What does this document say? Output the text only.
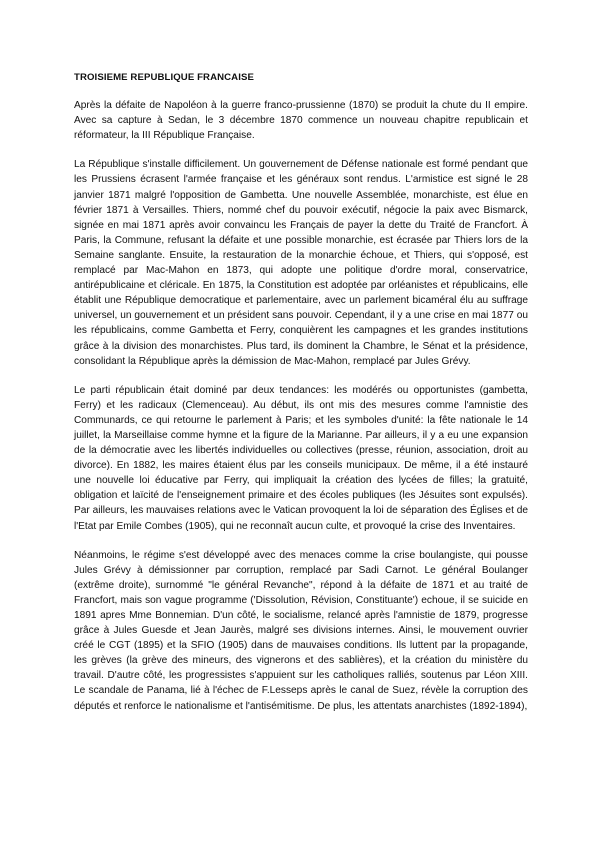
TROISIEME REPUBLIQUE FRANCAISE

Après la défaite de Napoléon à la guerre franco-prussienne (1870) se produit la chute du II empire. Avec sa capture à Sedan, le 3 décembre 1870 commence un nouveau chapitre republicain et réformateur, la III République Française.

La République s'installe difficilement. Un gouvernement de Défense nationale est formé pendant que les Prussiens écrasent l'armée française et les généraux sont rendus. L'armistice est signé le 28 janvier 1871 malgré l'opposition de Gambetta. Une nouvelle Assemblée, monarchiste, est élue en février 1871 à Versailles. Thiers, nommé chef du pouvoir exécutif, négocie la paix avec Bismarck, signée en mai 1871 après avoir convaincu les Français de payer la dette du Traité de Francfort. À Paris, la Commune, refusant la défaite et une possible monarchie, est écrasée par Thiers lors de la Semaine sanglante. Ensuite, la restauration de la monarchie échoue, et Thiers, qui s'opposé, est remplacé par Mac-Mahon en 1873, qui adopte une politique d'ordre moral, conservatrice, antirépublicaine et cléricale. En 1875, la Constitution est adoptée par orléanistes et républicains, elle établit une République democratique et parlementaire, avec un parlement bicaméral élu au suffrage universel, un gouvernement et un président sans pouvoir. Cependant, il y a une crise en mai 1877 ou les républicains, comme Gambetta et Ferry, conquièrent les campagnes et les grandes institutions grâce à la division des monarchistes. Plus tard, ils dominent la Chambre, le Sénat et la présidence, consolidant la République après la démission de Mac-Mahon, remplacé par Jules Grévy.

Le parti républicain était dominé par deux tendances: les modérés ou opportunistes (gambetta, Ferry) et les radicaux (Clemenceau). Au début, ils ont mis des mesures comme l'amnistie des Communards, ce qui retourne le parlement à Paris; et les symboles d'unité: la fête nationale le 14 juillet, la Marseillaise comme hymne et la figure de la Marianne. Par ailleurs, il y a eu une expansion de la démocratie avec les libertés individuelles ou collectives (presse, réunion, association, droit au divorce). En 1882, les maires étaient élus par les conseils municipaux. De même, il a été instauré une nouvelle loi éducative par Ferry, qui impliquait la création des lycées de filles; la gratuité, obligation et laïcité de l'enseignement primaire et des écoles publiques (les Jésuites sont expulsés). Par ailleurs, les mauvaises relations avec le Vatican provoquent la loi de séparation des Églises et de l'Etat par Emile Combes (1905), qui ne reconnaît aucun culte, et provoqué la crise des Inventaires.

Néanmoins, le régime s'est développé avec des menaces comme la crise boulangiste, qui pousse Jules Grévy à démissionner par corruption, remplacé par Sadi Carnot. Le général Boulanger (extrême droite), surnommé "le général Revanche", répond à la défaite de 1871 et au traité de Francfort, mais son vague programme ('Dissolution, Révision, Constituante') echoue, il se suicide en 1891 apres Mme Bonnemian. D'un côté, le socialisme, relancé après l'amnistie de 1879, progresse grâce à Jules Guesde et Jean Jaurès, malgré ses divisions internes. Ainsi, le mouvement ouvrier créé le CGT (1895) et la SFIO (1905) dans de mauvaises conditions. Ils luttent par la propagande, les grèves (la grève des mineurs, des vignerons et des sablières), et la création du ministère du travail. D'autre côté, les progressistes s'appuient sur les catholiques ralliés, soutenus par Léon XIII. Le scandale de Panama, lié à l'échec de F.Lesseps après le canal de Suez, révèle la corruption des députés et renforce le nationalisme et l'antisémitisme. De plus, les attentats anarchistes (1892-1894),
